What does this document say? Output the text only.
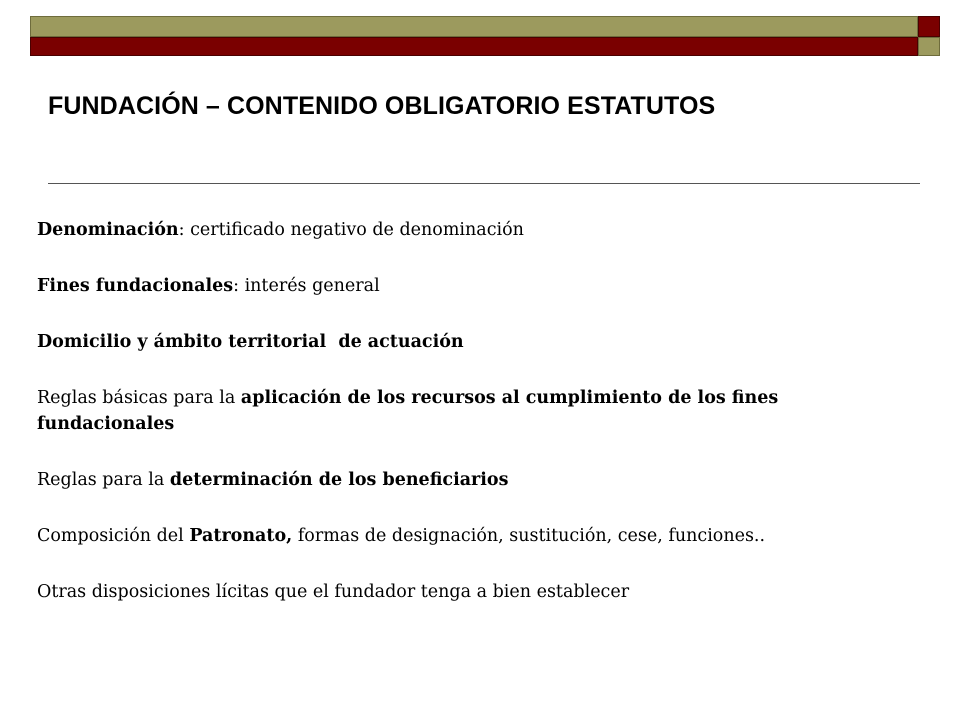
FUNDACIÓN – CONTENIDO OBLIGATORIO ESTATUTOS

Denominación: certificado negativo de denominación

Fines fundacionales: interés general

Domicilio y ámbito territorial  de actuación

Reglas básicas para la aplicación de los recursos al cumplimiento de los fines fundacionales

Reglas para la determinación de los beneficiarios

Composición del Patronato, formas de designación, sustitución, cese, funciones..

Otras disposiciones lícitas que el fundador tenga a bien establecer
